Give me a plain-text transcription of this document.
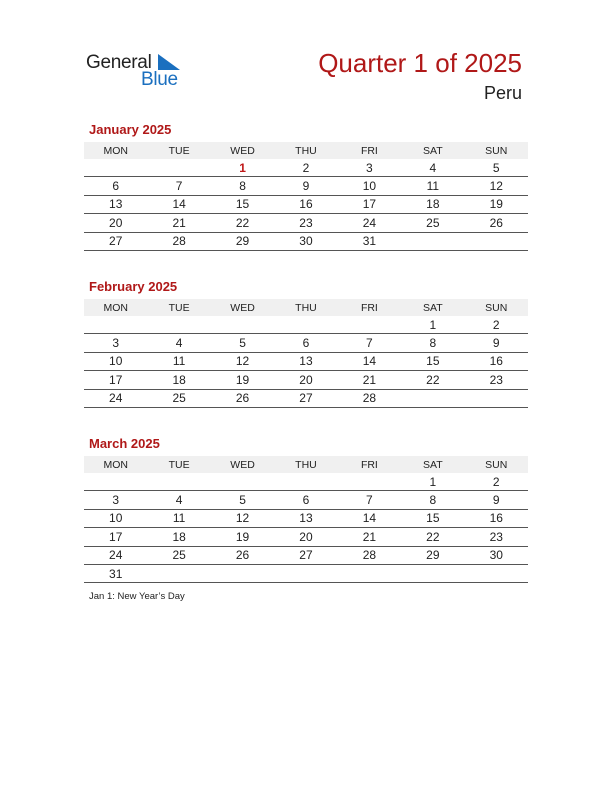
General
Blue
Quarter 1 of 2025
Peru
January 2025
MON	TUE	WED	THU	FRI	SAT	SUN
		1	2	3	4	5
6	7	8	9	10	11	12
13	14	15	16	17	18	19
20	21	22	23	24	25	26
27	28	29	30	31		
February 2025
MON	TUE	WED	THU	FRI	SAT	SUN
					1	2
3	4	5	6	7	8	9
10	11	12	13	14	15	16
17	18	19	20	21	22	23
24	25	26	27	28		
March 2025
MON	TUE	WED	THU	FRI	SAT	SUN
					1	2
3	4	5	6	7	8	9
10	11	12	13	14	15	16
17	18	19	20	21	22	23
24	25	26	27	28	29	30
31						
Jan 1: New Year’s Day
